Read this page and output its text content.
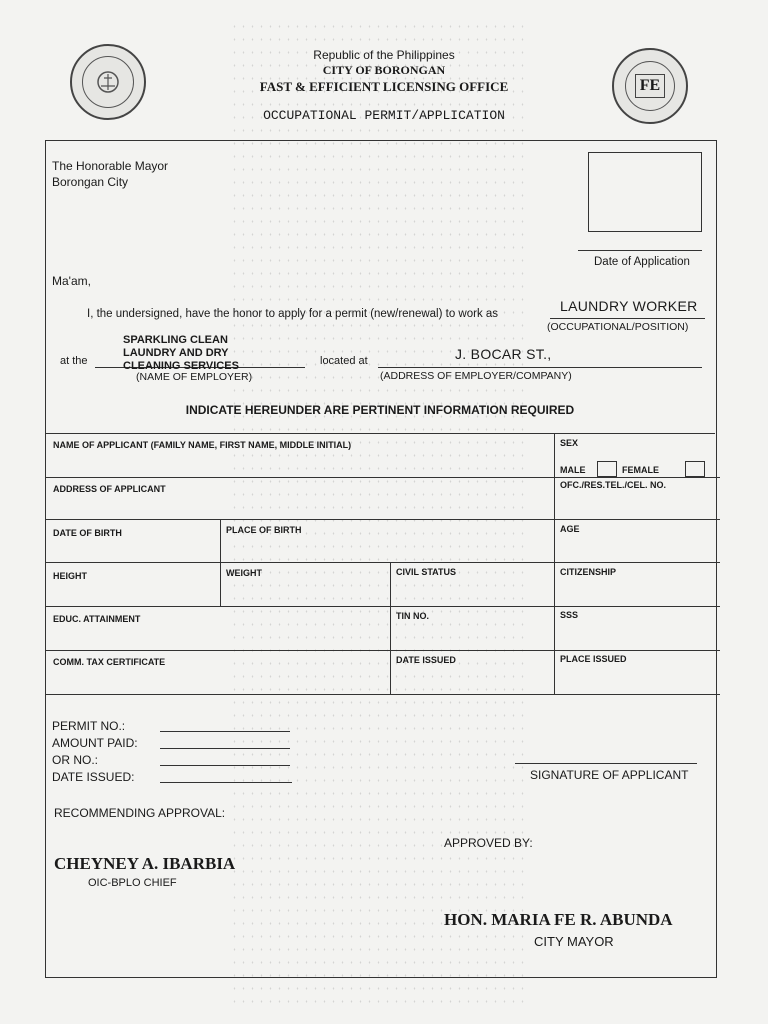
FE
Republic of the Philippines
CITY OF BORONGAN
FAST & EFFICIENT LICENSING OFFICE
OCCUPATIONAL PERMIT/APPLICATION
The Honorable Mayor
Borongan City
Date of Application
Ma'am,
I, the undersigned, have the honor to apply for a permit (new/renewal) to work as	LAUNDRY WORKER
(OCCUPATIONAL/POSITION)
at the
SPARKLING CLEAN
LAUNDRY AND DRY
CLEANING SERVICES
(NAME OF EMPLOYER)
located at	J. BOCAR ST.,
(ADDRESS OF EMPLOYER/COMPANY)
INDICATE HEREUNDER ARE PERTINENT INFORMATION REQUIRED
NAME OF APPLICANT (FAMILY NAME, FIRST NAME, MIDDLE INITIAL)	SEX
MALE	FEMALE
ADDRESS OF APPLICANT	OFC./RES.TEL./CEL. NO.
DATE OF BIRTH	PLACE OF BIRTH	AGE
HEIGHT	WEIGHT	CIVIL STATUS	CITIZENSHIP
EDUC. ATTAINMENT	TIN NO.	SSS
COMM. TAX CERTIFICATE	DATE ISSUED	PLACE ISSUED
PERMIT NO.:
AMOUNT PAID:
OR NO.:
DATE ISSUED:	SIGNATURE OF APPLICANT
RECOMMENDING APPROVAL:
APPROVED BY:
CHEYNEY A. IBARBIA
OIC-BPLO CHIEF
HON. MARIA FE R. ABUNDA
CITY MAYOR
